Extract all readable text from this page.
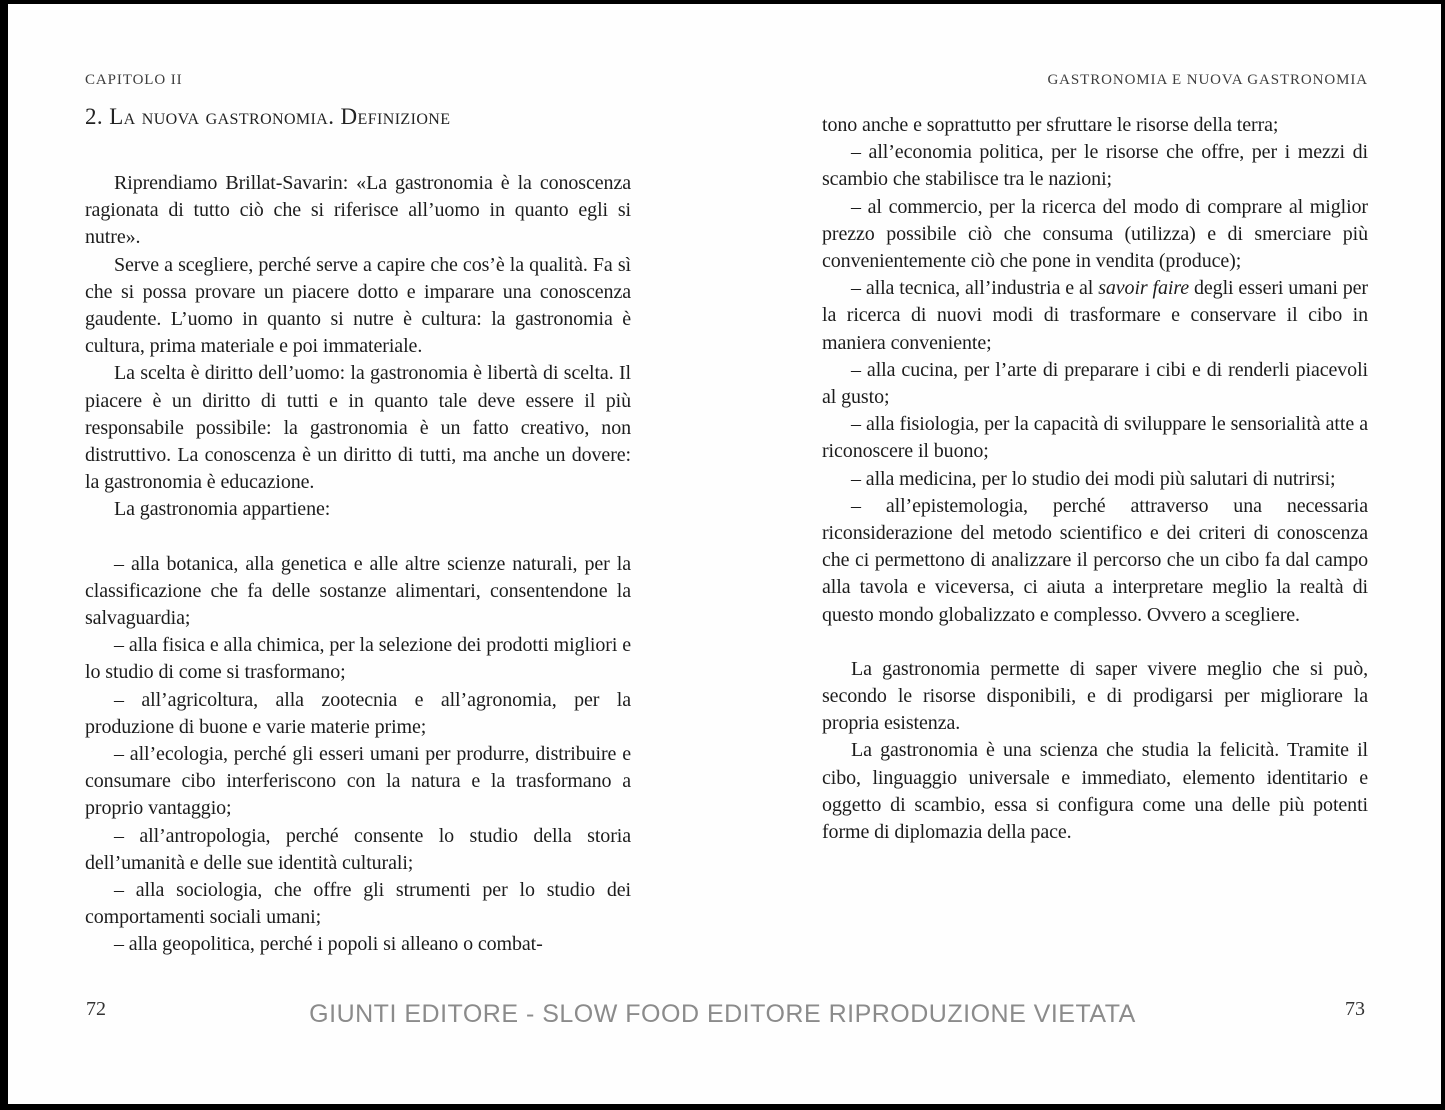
CAPITOLO II
2. La nuova gastronomia. Definizione

Riprendiamo Brillat-Savarin: «La gastronomia è la conoscenza ragionata di tutto ciò che si riferisce all’uomo in quanto egli si nutre».

Serve a scegliere, perché serve a capire che cos’è la qualità. Fa sì che si possa provare un piacere dotto e imparare una conoscenza gaudente. L’uomo in quanto si nutre è cultura: la gastronomia è cultura, prima materiale e poi immateriale.

La scelta è diritto dell’uomo: la gastronomia è libertà di scelta. Il piacere è un diritto di tutti e in quanto tale deve essere il più responsabile possibile: la gastronomia è un fatto creativo, non distruttivo. La conoscenza è un diritto di tutti, ma anche un dovere: la gastronomia è educazione.

La gastronomia appartiene:

– alla botanica, alla genetica e alle altre scienze naturali, per la classificazione che fa delle sostanze alimentari, consentendone la salvaguardia;

– alla fisica e alla chimica, per la selezione dei prodotti migliori e lo studio di come si trasformano;

– all’agricoltura, alla zootecnia e all’agronomia, per la produzione di buone e varie materie prime;

– all’ecologia, perché gli esseri umani per produrre, distribuire e consumare cibo interferiscono con la natura e la trasformano a proprio vantaggio;

– all’antropologia, perché consente lo studio della storia dell’umanità e delle sue identità culturali;

– alla sociologia, che offre gli strumenti per lo studio dei comportamenti sociali umani;

– alla geopolitica, perché i popoli si alleano o combat-

GASTRONOMIA E NUOVA GASTRONOMIA

tono anche e soprattutto per sfruttare le risorse della terra;

– all’economia politica, per le risorse che offre, per i mezzi di scambio che stabilisce tra le nazioni;

– al commercio, per la ricerca del modo di comprare al miglior prezzo possibile ciò che consuma (utilizza) e di smerciare più convenientemente ciò che pone in vendita (produce);

– alla tecnica, all’industria e al savoir faire degli esseri umani per la ricerca di nuovi modi di trasformare e conservare il cibo in maniera conveniente;

– alla cucina, per l’arte di preparare i cibi e di renderli piacevoli al gusto;

– alla fisiologia, per la capacità di sviluppare le sensorialità atte a riconoscere il buono;

– alla medicina, per lo studio dei modi più salutari di nutrirsi;

– all’epistemologia, perché attraverso una necessaria riconsiderazione del metodo scientifico e dei criteri di conoscenza che ci permettono di analizzare il percorso che un cibo fa dal campo alla tavola e viceversa, ci aiuta a interpretare meglio la realtà di questo mondo globalizzato e complesso. Ovvero a scegliere.

La gastronomia permette di saper vivere meglio che si può, secondo le risorse disponibili, e di prodigarsi per migliorare la propria esistenza.

La gastronomia è una scienza che studia la felicità. Tramite il cibo, linguaggio universale e immediato, elemento identitario e oggetto di scambio, essa si configura come una delle più potenti forme di diplomazia della pace.

72	73
GIUNTI EDITORE - SLOW FOOD EDITORE RIPRODUZIONE VIETATA
